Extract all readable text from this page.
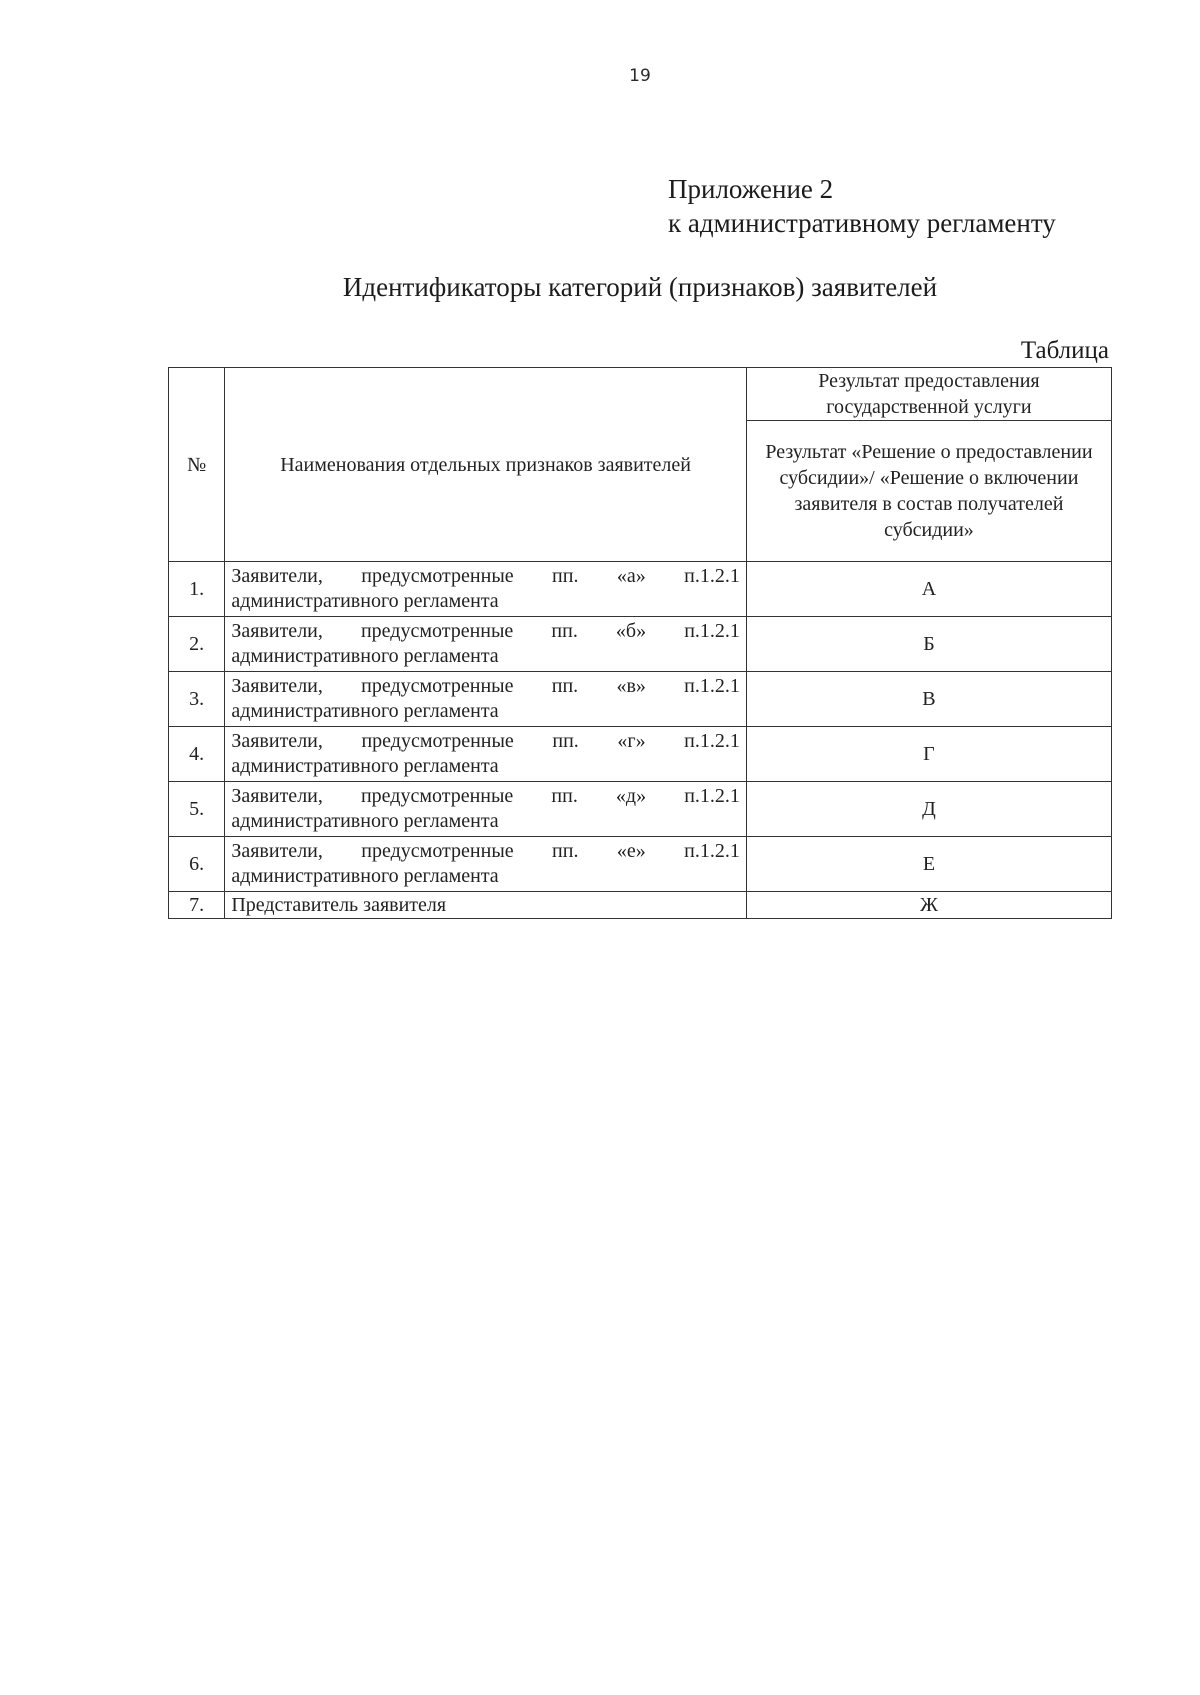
19
Приложение 2
к административному регламенту
Идентификаторы категорий (признаков) заявителей
Таблица
№	Наименования отдельных признаков заявителей	Результат предоставления государственной услуги
		Результат «Решение о предоставлении субсидии»/ «Решение о включении заявителя в состав получателей субсидии»
1.	Заявители, предусмотренные пп. «а» п.1.2.1 административного регламента	А
2.	Заявители, предусмотренные пп. «б» п.1.2.1 административного регламента	Б
3.	Заявители, предусмотренные пп. «в» п.1.2.1 административного регламента	В
4.	Заявители, предусмотренные пп. «г» п.1.2.1 административного регламента	Г
5.	Заявители, предусмотренные пп. «д» п.1.2.1 административного регламента	Д
6.	Заявители, предусмотренные пп. «е» п.1.2.1 административного регламента	Е
7.	Представитель заявителя	Ж
